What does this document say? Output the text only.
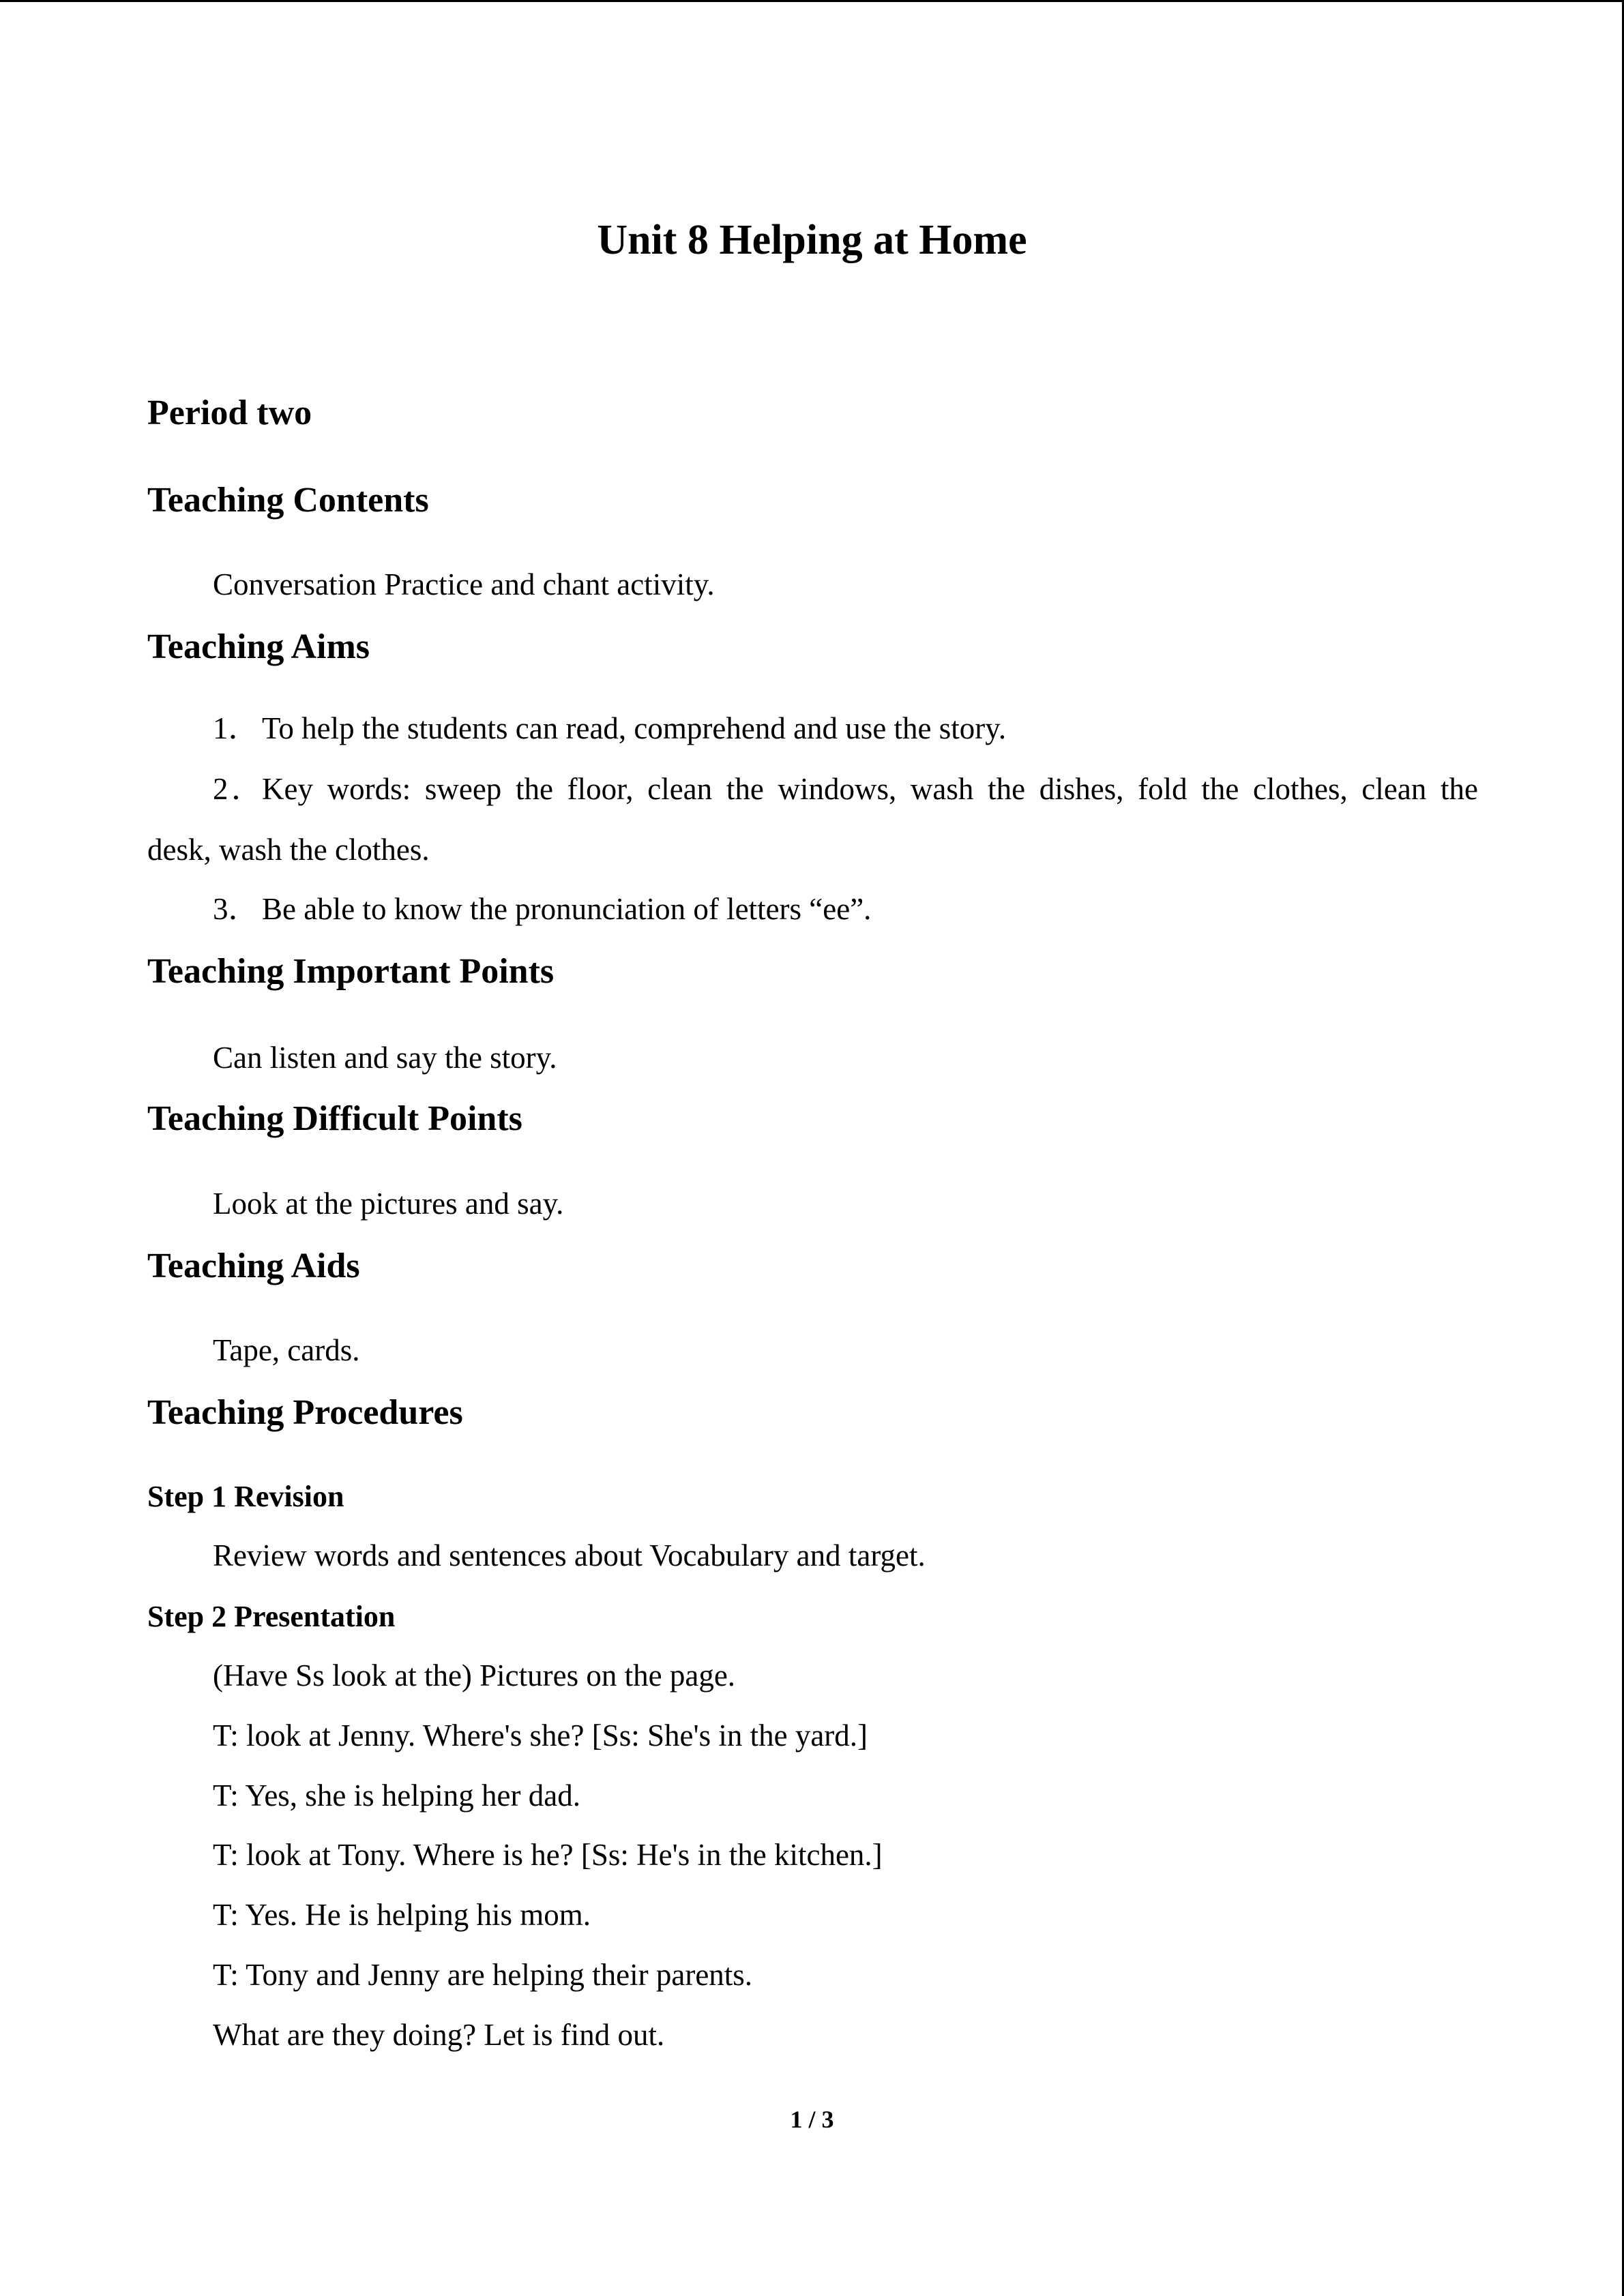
Unit 8 Helping at Home
Period two
Teaching Contents
Conversation Practice and chant activity.
Teaching Aims
1．To help the students can read, comprehend and use the story.
2．Key words: sweep the floor, clean the windows, wash the dishes, fold the clothes, clean the
desk, wash the clothes.
3．Be able to know the pronunciation of letters “ee”.
Teaching Important Points
Can listen and say the story.
Teaching Difficult Points
Look at the pictures and say.
Teaching Aids
Tape, cards.
Teaching Procedures
Step 1 Revision
Review words and sentences about Vocabulary and target.
Step 2 Presentation
(Have Ss look at the) Pictures on the page.
T: look at Jenny. Where's she? [Ss: She's in the yard.]
T: Yes, she is helping her dad.
T: look at Tony. Where is he? [Ss: He's in the kitchen.]
T: Yes. He is helping his mom.
T: Tony and Jenny are helping their parents.
What are they doing? Let is find out.
1 / 3
